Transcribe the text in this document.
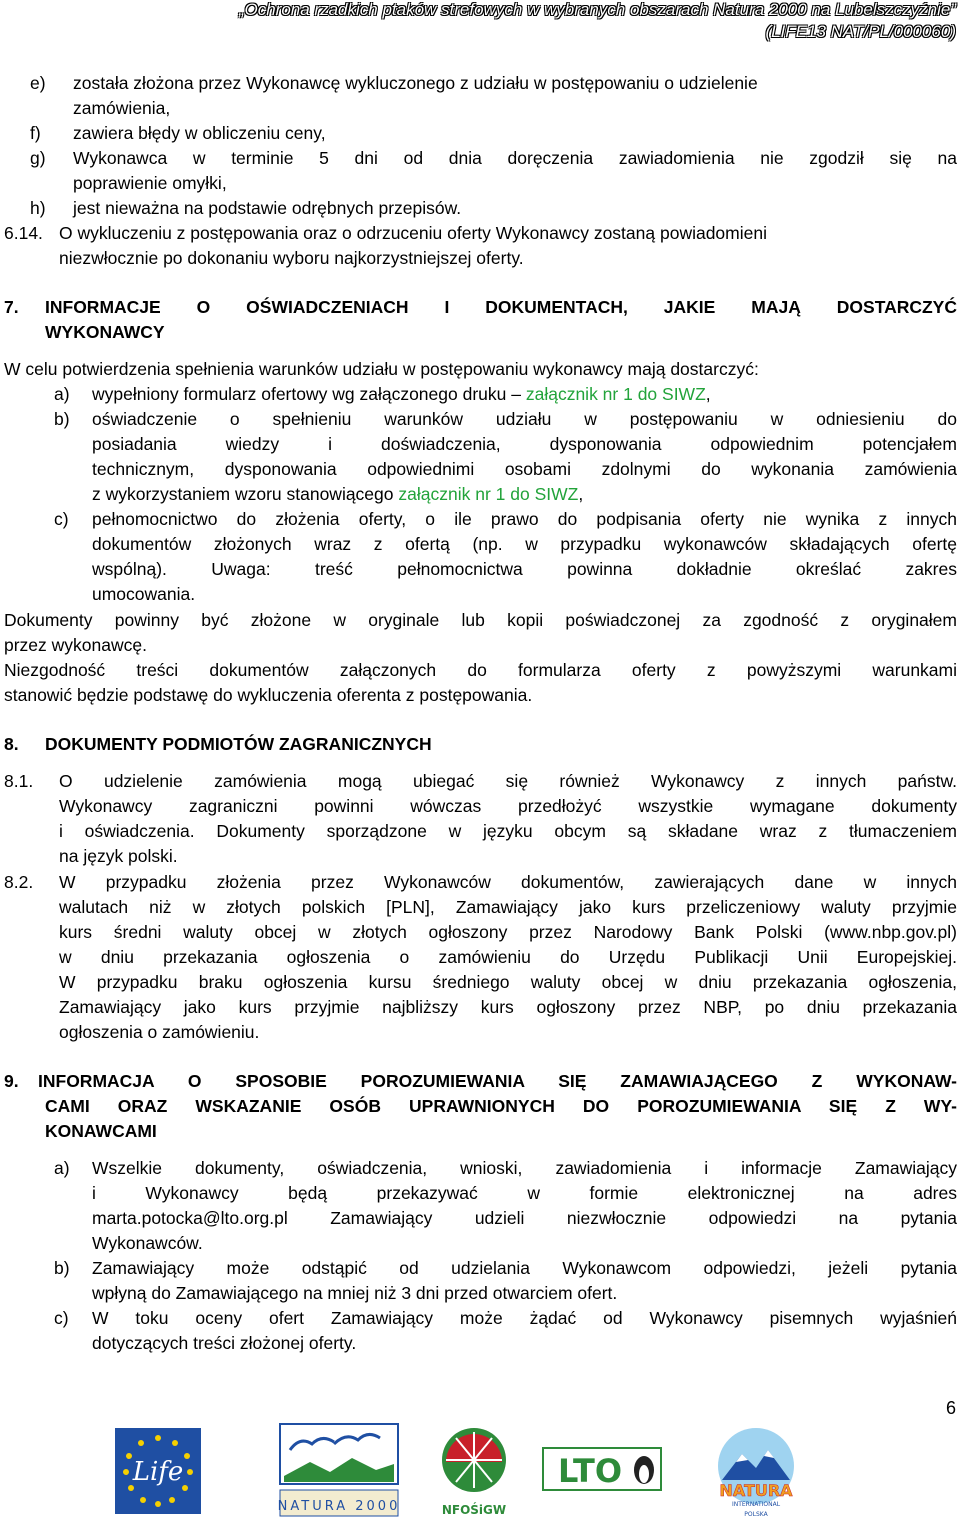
„Ochrona rzadkich ptaków strefowych w wybranych obszarach Natura 2000 na Lubelszczyźnie”
(LIFE13 NAT/PL/000060)
e) została złożona przez Wykonawcę wykluczonego z udziału w postępowaniu o udzielenie
zamówienia,
f) zawiera błędy w obliczeniu ceny,
g) Wykonawca w terminie 5 dni od dnia doręczenia zawiadomienia nie zgodził się na
poprawienie omyłki,
h) jest nieważna na podstawie odrębnych przepisów.
6.14. O wykluczeniu z postępowania oraz o odrzuceniu oferty Wykonawcy zostaną powiadomieni
niezwłocznie po dokonaniu wyboru najkorzystniejszej oferty.
7. INFORMACJE O OŚWIADCZENIACH I DOKUMENTACH, JAKIE MAJĄ DOSTARCZYĆ
WYKONAWCY
W celu potwierdzenia spełnienia warunków udziału w postępowaniu wykonawcy mają dostarczyć:
a) wypełniony formularz ofertowy wg załączonego druku – załącznik nr 1 do SIWZ,
b) oświadczenie o spełnieniu warunków udziału w postępowaniu w odniesieniu do
posiadania wiedzy i doświadczenia, dysponowania odpowiednim potencjałem
technicznym, dysponowania odpowiednimi osobami zdolnymi do wykonania zamówienia
z wykorzystaniem wzoru stanowiącego załącznik nr 1 do SIWZ,
c) pełnomocnictwo do złożenia oferty, o ile prawo do podpisania oferty nie wynika z innych
dokumentów złożonych wraz z ofertą (np. w przypadku wykonawców składających ofertę
wspólną). Uwaga: treść pełnomocnictwa powinna dokładnie określać zakres
umocowania.
Dokumenty powinny być złożone w oryginale lub kopii poświadczonej za zgodność z oryginałem
przez wykonawcę.
Niezgodność treści dokumentów załączonych do formularza oferty z powyższymi warunkami
stanowić będzie podstawę do wykluczenia oferenta z postępowania.
8. DOKUMENTY PODMIOTÓW ZAGRANICZNYCH
8.1. O udzielenie zamówienia mogą ubiegać się również Wykonawcy z innych państw.
Wykonawcy zagraniczni powinni wówczas przedłożyć wszystkie wymagane dokumenty
i oświadczenia. Dokumenty sporządzone w języku obcym są składane wraz z tłumaczeniem
na język polski.
8.2. W przypadku złożenia przez Wykonawców dokumentów, zawierających dane w innych
walutach niż w złotych polskich [PLN], Zamawiający jako kurs przeliczeniowy waluty przyjmie
kurs średni waluty obcej w złotych ogłoszony przez Narodowy Bank Polski (www.nbp.gov.pl)
w dniu przekazania ogłoszenia o zamówieniu do Urzędu Publikacji Unii Europejskiej.
W przypadku braku ogłoszenia kursu średniego waluty obcej w dniu przekazania ogłoszenia,
Zamawiający jako kurs przyjmie najbliższy kurs ogłoszony przez NBP, po dniu przekazania
ogłoszenia o zamówieniu.
9. INFORMACJA O SPOSOBIE POROZUMIEWANIA SIĘ ZAMAWIAJĄCEGO Z WYKONAW-
CAMI ORAZ WSKAZANIE OSÓB UPRAWNIONYCH DO POROZUMIEWANIA SIĘ Z WY-
KONAWCAMI
a) Wszelkie dokumenty, oświadczenia, wnioski, zawiadomienia i informacje Zamawiający
i Wykonawcy będą przekazywać w formie elektronicznej na adres
marta.potocka@lto.org.pl Zamawiający udzieli niezwłocznie odpowiedzi na pytania
Wykonawców.
b) Zamawiający może odstąpić od udzielania Wykonawcom odpowiedzi, jeżeli pytania
wpłyną do Zamawiającego na mniej niż 3 dni przed otwarciem ofert.
c) W toku oceny ofert Zamawiający może żądać od Wykonawcy pisemnych wyjaśnień
dotyczących treści złożonej oferty.
6
Life
NATURA 2000	NFOŚiGW
LTO
NATURA
INTERNATIONAL
POLSKA
